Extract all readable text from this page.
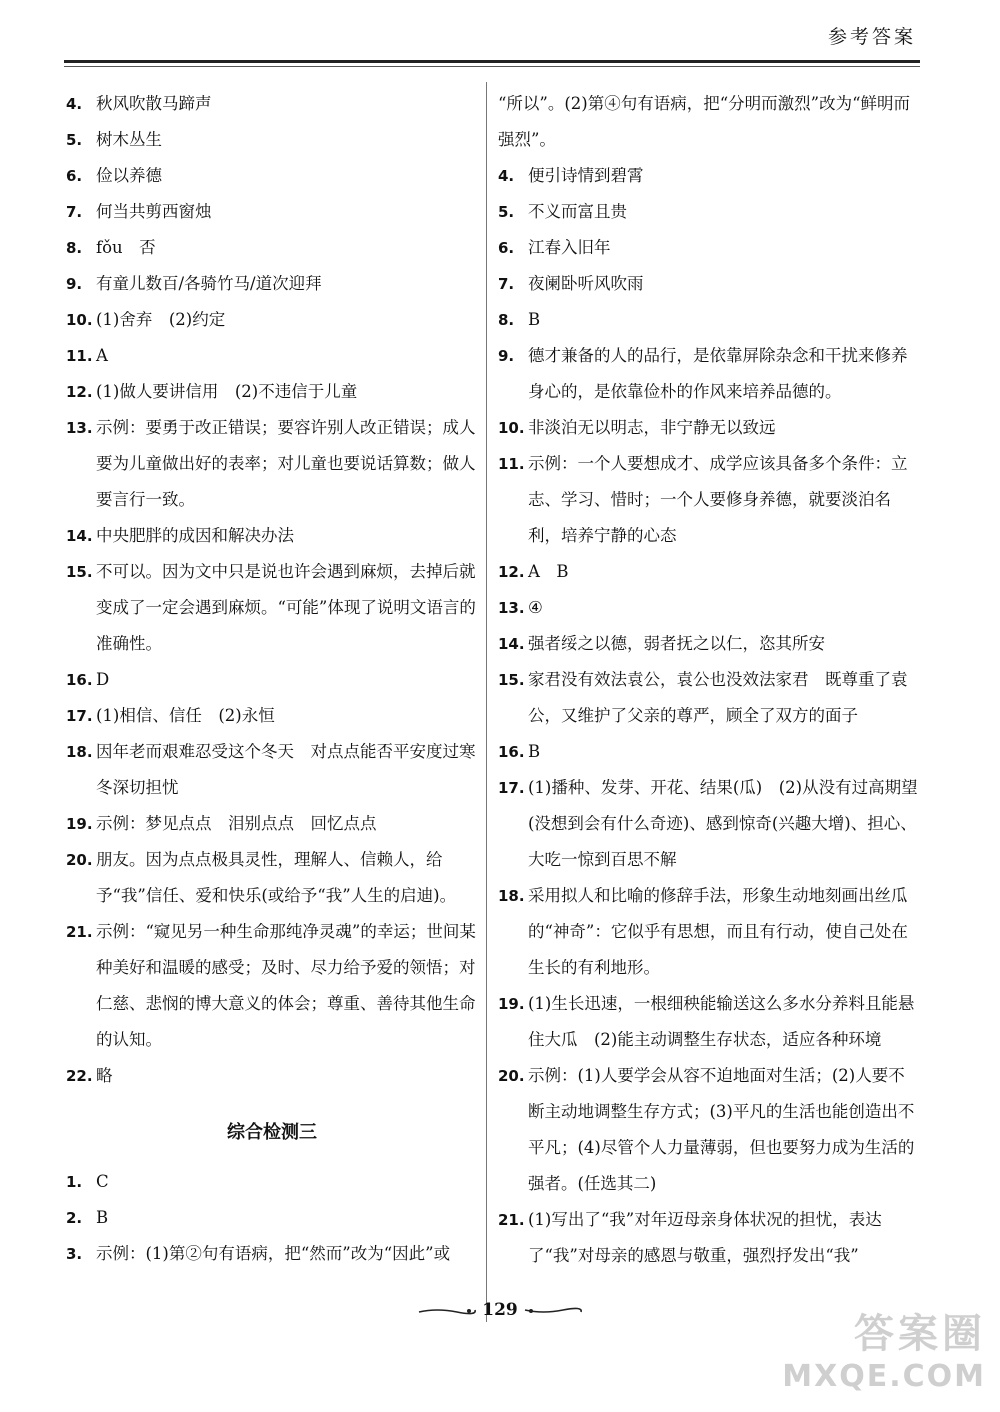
参考答案
4. 秋风吹散马蹄声
5. 树木丛生
6. 俭以养德
7. 何当共剪西窗烛
8. fǒu　否
9. 有童儿数百/各骑竹马/道次迎拜
10. (1)舍弃　(2)约定
11. A
12. (1)做人要讲信用　(2)不违信于儿童
13. 示例：要勇于改正错误；要容许别人改正错误；成人要为儿童做出好的表率；对儿童也要说话算数；做人要言行一致。
14. 中央肥胖的成因和解决办法
15. 不可以。因为文中只是说也许会遇到麻烦，去掉后就变成了一定会遇到麻烦。“可能”体现了说明文语言的准确性。
16. D
17. (1)相信、信任　(2)永恒
18. 因年老而艰难忍受这个冬天　对点点能否平安度过寒冬深切担忧
19. 示例：梦见点点　泪别点点　回忆点点
20. 朋友。因为点点极具灵性，理解人、信赖人，给予“我”信任、爱和快乐(或给予“我”人生的启迪)。
21. 示例：“窥见另一种生命那纯净灵魂”的幸运；世间某种美好和温暖的感受；及时、尽力给予爱的领悟；对仁慈、悲悯的博大意义的体会；尊重、善待其他生命的认知。
22. 略
综合检测三
1. C
2. B
3. 示例：(1)第②句有语病，把“然而”改为“因此”或
“所以”。(2)第④句有语病，把“分明而激烈”改为“鲜明而强烈”。
4. 便引诗情到碧霄
5. 不义而富且贵
6. 江春入旧年
7. 夜阑卧听风吹雨
8. B
9. 德才兼备的人的品行，是依靠屏除杂念和干扰来修养身心的，是依靠俭朴的作风来培养品德的。
10. 非淡泊无以明志，非宁静无以致远
11. 示例：一个人要想成才、成学应该具备多个条件：立志、学习、惜时；一个人要修身养德，就要淡泊名利，培养宁静的心态
12. A　B
13. ④
14. 强者绥之以德，弱者抚之以仁，恣其所安
15. 家君没有效法袁公，袁公也没效法家君　既尊重了袁公，又维护了父亲的尊严，顾全了双方的面子
16. B
17. (1)播种、发芽、开花、结果(瓜)　(2)从没有过高期望(没想到会有什么奇迹)、感到惊奇(兴趣大增)、担心、大吃一惊到百思不解
18. 采用拟人和比喻的修辞手法，形象生动地刻画出丝瓜的“神奇”：它似乎有思想，而且有行动，使自己处在生长的有利地形。
19. (1)生长迅速，一根细秧能输送这么多水分养料且能悬住大瓜　(2)能主动调整生存状态，适应各种环境
20. 示例：(1)人要学会从容不迫地面对生活；(2)人要不断主动地调整生存方式；(3)平凡的生活也能创造出不平凡；(4)尽管个人力量薄弱，但也要努力成为生活的强者。(任选其二)
21. (1)写出了“我”对年迈母亲身体状况的担忧，表达了“我”对母亲的感恩与敬重，强烈抒发出“我”
129
答案圈
MXQE.COM
